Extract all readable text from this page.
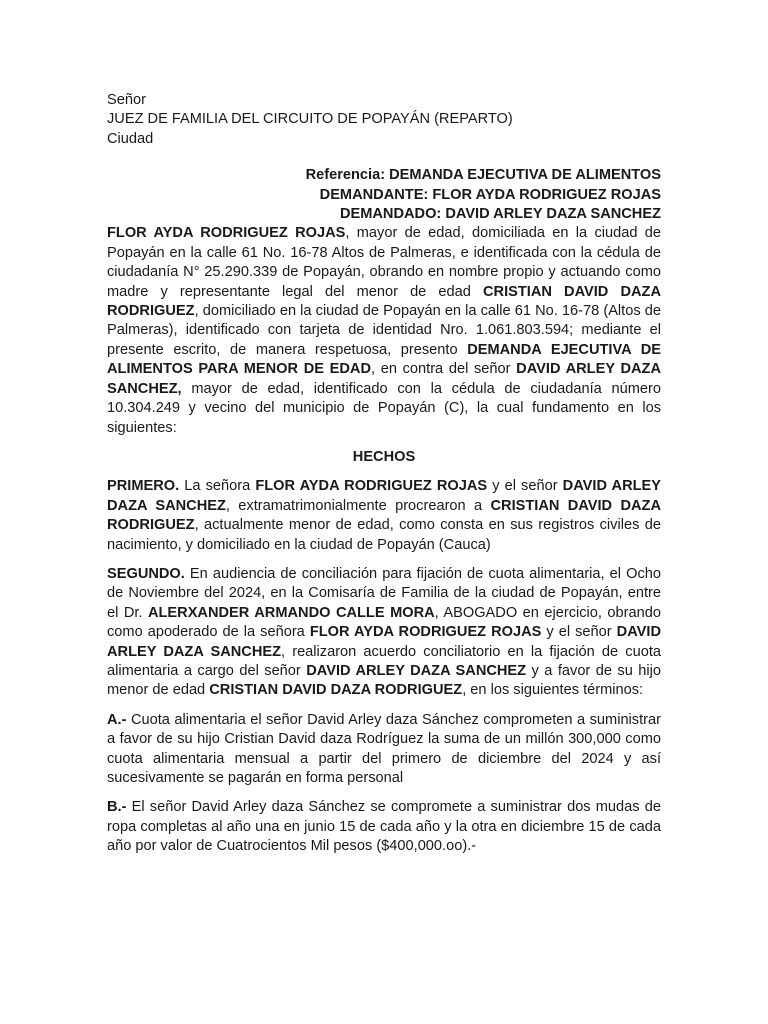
Señor
JUEZ DE FAMILIA DEL CIRCUITO DE POPAYÁN (REPARTO)
Ciudad
Referencia: DEMANDA EJECUTIVA DE ALIMENTOS
DEMANDANTE: FLOR AYDA RODRIGUEZ ROJAS
DEMANDADO: DAVID ARLEY DAZA SANCHEZ
FLOR AYDA RODRIGUEZ ROJAS, mayor de edad, domiciliada en la ciudad de Popayán en la calle 61 No. 16-78 Altos de Palmeras, e identificada con la cédula de ciudadanía N° 25.290.339 de Popayán, obrando en nombre propio y actuando como madre y representante legal del menor de edad CRISTIAN DAVID DAZA RODRIGUEZ, domiciliado en la ciudad de Popayán en la calle 61 No. 16-78 (Altos de Palmeras), identificado con tarjeta de identidad Nro. 1.061.803.594; mediante el presente escrito, de manera respetuosa, presento DEMANDA EJECUTIVA DE ALIMENTOS PARA MENOR DE EDAD, en contra del señor DAVID ARLEY DAZA SANCHEZ, mayor de edad, identificado con la cédula de ciudadanía número 10.304.249 y vecino del municipio de Popayán (C), la cual fundamento en los siguientes:
HECHOS
PRIMERO. La señora FLOR AYDA RODRIGUEZ ROJAS y el señor DAVID ARLEY DAZA SANCHEZ, extramatrimonialmente procrearon a CRISTIAN DAVID DAZA RODRIGUEZ, actualmente menor de edad, como consta en sus registros civiles de nacimiento, y domiciliado en la ciudad de Popayán (Cauca)
SEGUNDO. En audiencia de conciliación para fijación de cuota alimentaria, el Ocho de Noviembre del 2024, en la Comisaría de Familia de la ciudad de Popayán, entre el Dr. ALERXANDER ARMANDO CALLE MORA, ABOGADO en ejercicio, obrando como apoderado de la señora FLOR AYDA RODRIGUEZ ROJAS y el señor DAVID ARLEY DAZA SANCHEZ, realizaron acuerdo conciliatorio en la fijación de cuota alimentaria a cargo del señor DAVID ARLEY DAZA SANCHEZ y a favor de su hijo menor de edad CRISTIAN DAVID DAZA RODRIGUEZ, en los siguientes términos:
A.- Cuota alimentaria el señor David Arley daza Sánchez comprometen a suministrar a favor de su hijo Cristian David daza Rodríguez la suma de un millón 300,000 como cuota alimentaria mensual a partir del primero de diciembre del 2024 y así sucesivamente se pagarán en forma personal
B.- El señor David Arley daza Sánchez se compromete a suministrar dos mudas de ropa completas al año una en junio 15 de cada año y la otra en diciembre 15 de cada año por valor de Cuatrocientos Mil pesos ($400,000.oo).-
